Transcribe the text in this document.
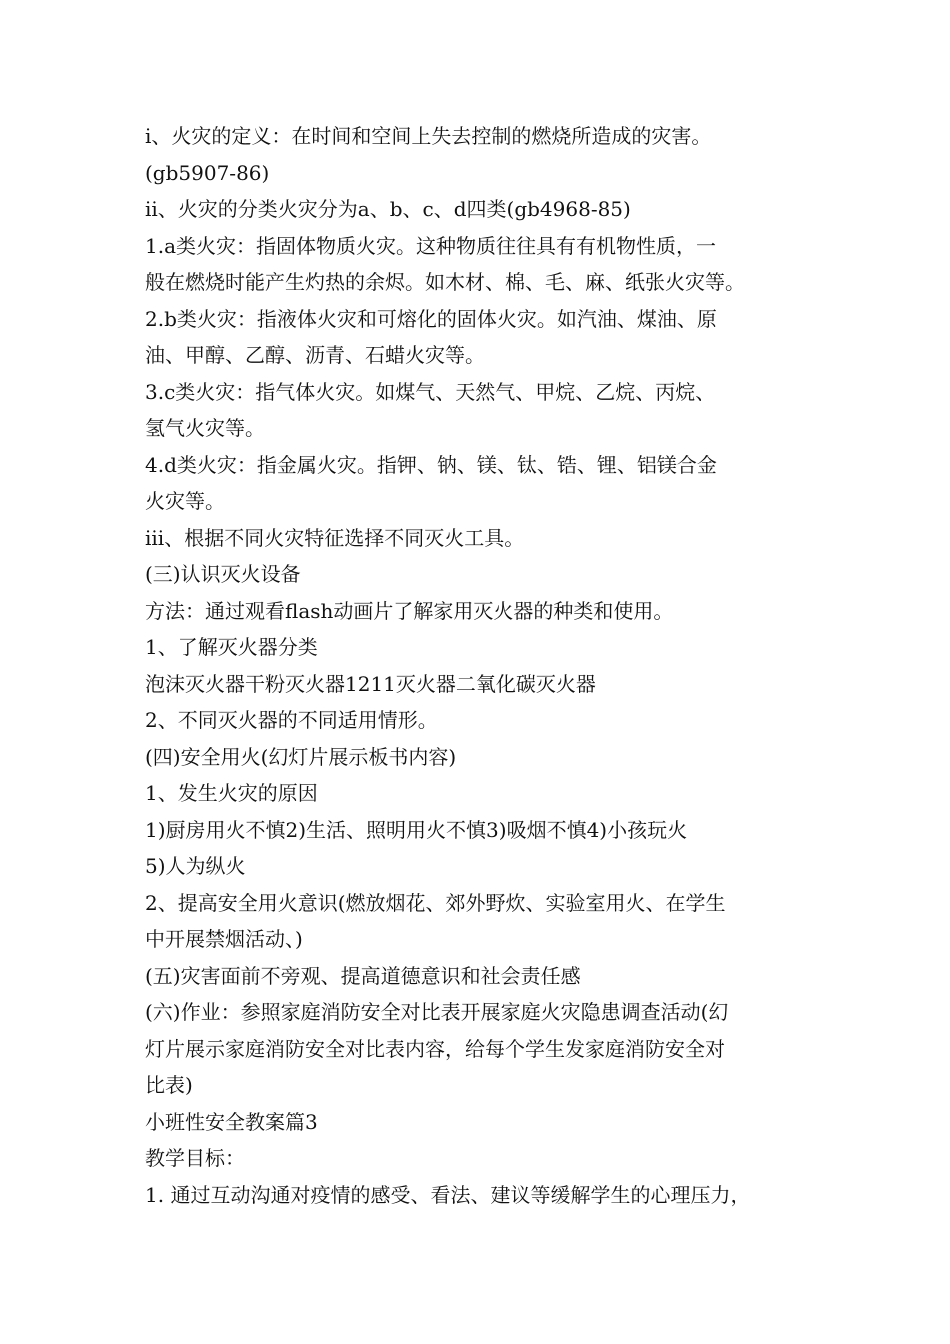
i、火灾的定义：在时间和空间上失去控制的燃烧所造成的灾害。
(gb5907-86)
ii、火灾的分类火灾分为a、b、c、d四类(gb4968-85)
1.a类火灾：指固体物质火灾。这种物质往往具有有机物性质，一
般在燃烧时能产生灼热的余烬。如木材、棉、毛、麻、纸张火灾等。
2.b类火灾：指液体火灾和可熔化的固体火灾。如汽油、煤油、原
油、甲醇、乙醇、沥青、石蜡火灾等。
3.c类火灾：指气体火灾。如煤气、天然气、甲烷、乙烷、丙烷、
氢气火灾等。
4.d类火灾：指金属火灾。指钾、钠、镁、钛、锆、锂、铝镁合金
火灾等。
iii、根据不同火灾特征选择不同灭火工具。
(三)认识灭火设备
方法：通过观看flash动画片了解家用灭火器的种类和使用。
1、了解灭火器分类
泡沫灭火器干粉灭火器1211灭火器二氧化碳灭火器
2、不同灭火器的不同适用情形。
(四)安全用火(幻灯片展示板书内容)
1、发生火灾的原因
1)厨房用火不慎2)生活、照明用火不慎3)吸烟不慎4)小孩玩火
5)人为纵火
2、提高安全用火意识(燃放烟花、郊外野炊、实验室用火、在学生
中开展禁烟活动、)
(五)灾害面前不旁观、提高道德意识和社会责任感
(六)作业：参照家庭消防安全对比表开展家庭火灾隐患调查活动(幻
灯片展示家庭消防安全对比表内容，给每个学生发家庭消防安全对
比表)
小班性安全教案篇3
教学目标：
1. 通过互动沟通对疫情的感受、看法、建议等缓解学生的心理压力，
